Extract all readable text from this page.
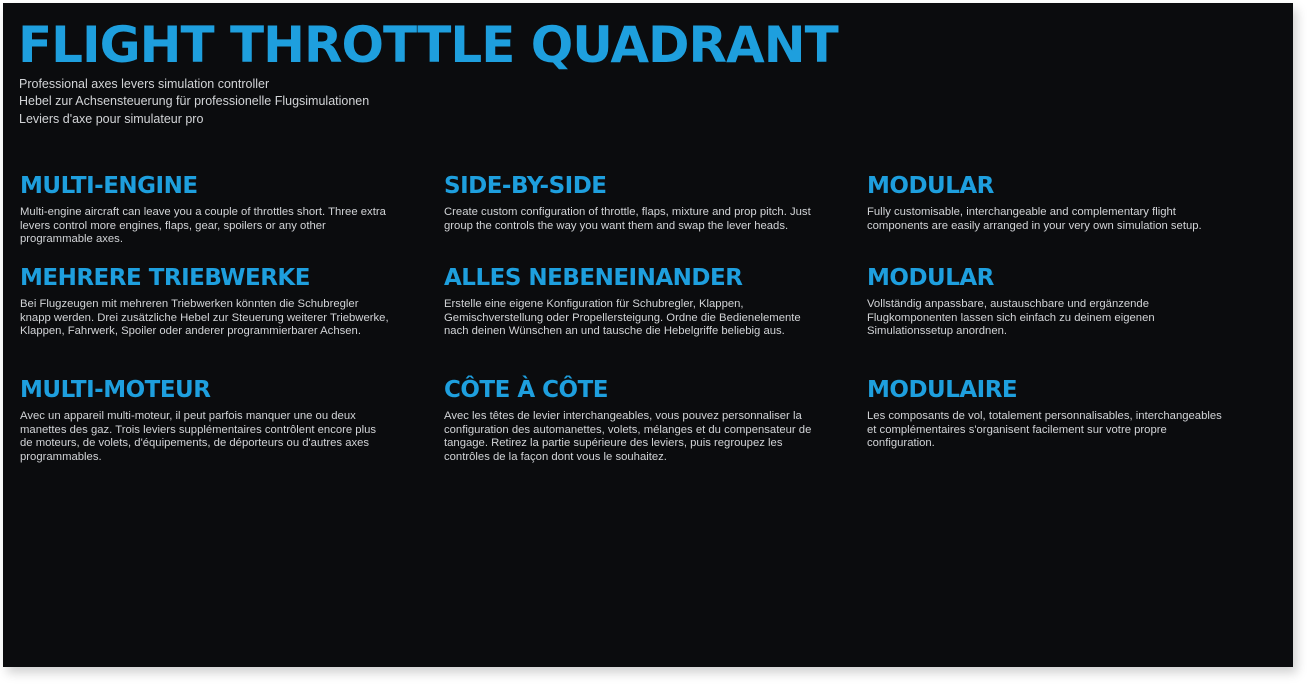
FLIGHT THROTTLE QUADRANT
Professional axes levers simulation controller
Hebel zur Achsensteuerung für professionelle Flugsimulationen
Leviers d'axe pour simulateur pro
MULTI-ENGINE
Multi-engine aircraft can leave you a couple of throttles short. Three extra levers control more engines, flaps, gear, spoilers or any other programmable axes.
MEHRERE TRIEBWERKE
Bei Flugzeugen mit mehreren Triebwerken könnten die Schubregler knapp werden. Drei zusätzliche Hebel zur Steuerung weiterer Triebwerke, Klappen, Fahrwerk, Spoiler oder anderer programmierbarer Achsen.
MULTI-MOTEUR
Avec un appareil multi-moteur, il peut parfois manquer une ou deux manettes des gaz. Trois leviers supplémentaires contrôlent encore plus de moteurs, de volets, d'équipements, de déporteurs ou d'autres axes programmables.
SIDE-BY-SIDE
Create custom configuration of throttle, flaps, mixture and prop pitch. Just group the controls the way you want them and swap the lever heads.
ALLES NEBENEINANDER
Erstelle eine eigene Konfiguration für Schubregler, Klappen, Gemischverstellung oder Propellersteigung. Ordne die Bedienelemente nach deinen Wünschen an und tausche die Hebelgriffe beliebig aus.
CÔTE À CÔTE
Avec les têtes de levier interchangeables, vous pouvez personnaliser la configuration des automanettes, volets, mélanges et du compensateur de tangage. Retirez la partie supérieure des leviers, puis regroupez les contrôles de la façon dont vous le souhaitez.
MODULAR
Fully customisable, interchangeable and complementary flight components are easily arranged in your very own simulation setup.
MODULAR
Vollständig anpassbare, austauschbare und ergänzende Flugkomponenten lassen sich einfach zu deinem eigenen Simulationssetup anordnen.
MODULAIRE
Les composants de vol, totalement personnalisables, interchangeables et complémentaires s'organisent facilement sur votre propre configuration.
